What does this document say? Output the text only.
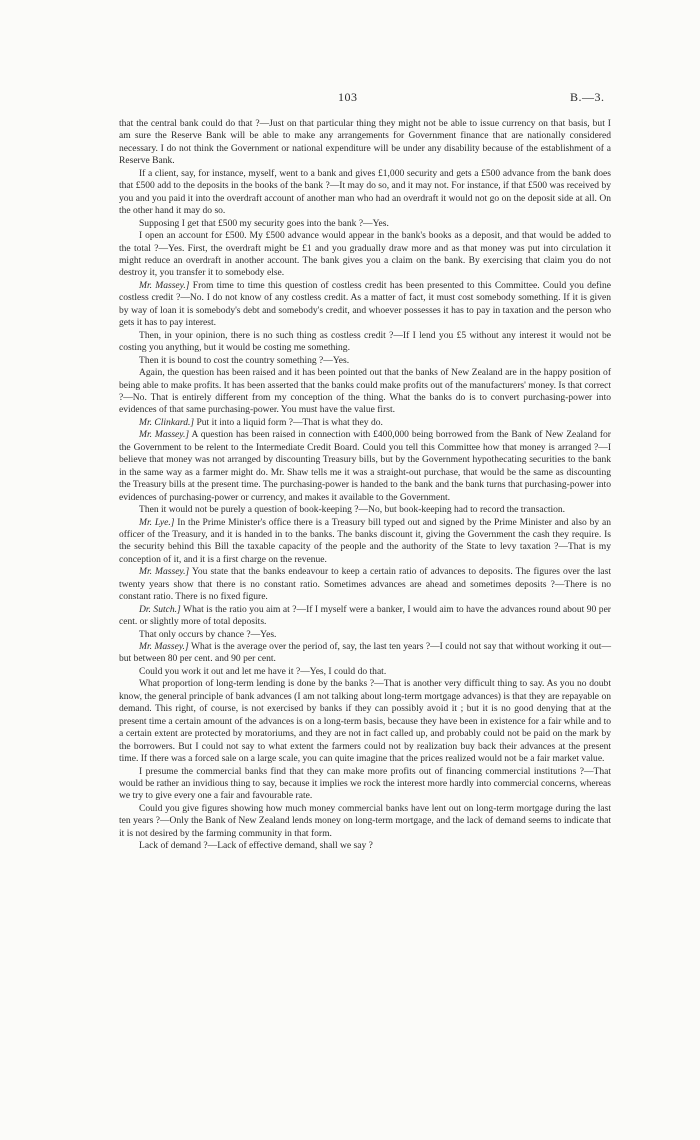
103	B.—3.

that the central bank could do that ?—Just on that particular thing they might not be able to issue currency on that basis, but I am sure the Reserve Bank will be able to make any arrangements for Government finance that are nationally considered necessary. I do not think the Government or national expenditure will be under any disability because of the establishment of a Reserve Bank.

If a client, say, for instance, myself, went to a bank and gives £1,000 security and gets a £500 advance from the bank does that £500 add to the deposits in the books of the bank ?—It may do so, and it may not. For instance, if that £500 was received by you and you paid it into the overdraft account of another man who had an overdraft it would not go on the deposit side at all. On the other hand it may do so.

Supposing I get that £500 my security goes into the bank ?—Yes.

I open an account for £500. My £500 advance would appear in the bank's books as a deposit, and that would be added to the total ?—Yes. First, the overdraft might be £1 and you gradually draw more and as that money was put into circulation it might reduce an overdraft in another account. The bank gives you a claim on the bank. By exercising that claim you do not destroy it, you transfer it to somebody else.

Mr. Massey.] From time to time this question of costless credit has been presented to this Committee. Could you define costless credit ?—No. I do not know of any costless credit. As a matter of fact, it must cost somebody something. If it is given by way of loan it is somebody's debt and somebody's credit, and whoever possesses it has to pay in taxation and the person who gets it has to pay interest.

Then, in your opinion, there is no such thing as costless credit ?—If I lend you £5 without any interest it would not be costing you anything, but it would be costing me something.

Then it is bound to cost the country something ?—Yes.

Again, the question has been raised and it has been pointed out that the banks of New Zealand are in the happy position of being able to make profits. It has been asserted that the banks could make profits out of the manufacturers' money. Is that correct ?—No. That is entirely different from my conception of the thing. What the banks do is to convert purchasing-power into evidences of that same purchasing-power. You must have the value first.

Mr. Clinkard.] Put it into a liquid form ?—That is what they do.

Mr. Massey.] A question has been raised in connection with £400,000 being borrowed from the Bank of New Zealand for the Government to be relent to the Intermediate Credit Board. Could you tell this Committee how that money is arranged ?—I believe that money was not arranged by discounting Treasury bills, but by the Government hypothecating securities to the bank in the same way as a farmer might do. Mr. Shaw tells me it was a straight-out purchase, that would be the same as discounting the Treasury bills at the present time. The purchasing-power is handed to the bank and the bank turns that purchasing-power into evidences of purchasing-power or currency, and makes it available to the Government.

Then it would not be purely a question of book-keeping ?—No, but book-keeping had to record the transaction.

Mr. Lye.] In the Prime Minister's office there is a Treasury bill typed out and signed by the Prime Minister and also by an officer of the Treasury, and it is handed in to the banks. The banks discount it, giving the Government the cash they require. Is the security behind this Bill the taxable capacity of the people and the authority of the State to levy taxation ?—That is my conception of it, and it is a first charge on the revenue.

Mr. Massey.] You state that the banks endeavour to keep a certain ratio of advances to deposits. The figures over the last twenty years show that there is no constant ratio. Sometimes advances are ahead and sometimes deposits ?—There is no constant ratio. There is no fixed figure.

Dr. Sutch.] What is the ratio you aim at ?—If I myself were a banker, I would aim to have the advances round about 90 per cent. or slightly more of total deposits.

That only occurs by chance ?—Yes.

Mr. Massey.] What is the average over the period of, say, the last ten years ?—I could not say that without working it out—but between 80 per cent. and 90 per cent.

Could you work it out and let me have it ?—Yes, I could do that.

What proportion of long-term lending is done by the banks ?—That is another very difficult thing to say. As you no doubt know, the general principle of bank advances (I am not talking about long-term mortgage advances) is that they are repayable on demand. This right, of course, is not exercised by banks if they can possibly avoid it ; but it is no good denying that at the present time a certain amount of the advances is on a long-term basis, because they have been in existence for a fair while and to a certain extent are protected by moratoriums, and they are not in fact called up, and probably could not be paid on the mark by the borrowers. But I could not say to what extent the farmers could not by realization buy back their advances at the present time. If there was a forced sale on a large scale, you can quite imagine that the prices realized would not be a fair market value.

I presume the commercial banks find that they can make more profits out of financing commercial institutions ?—That would be rather an invidious thing to say, because it implies we rock the interest more hardly into commercial concerns, whereas we try to give every one a fair and favourable rate.

Could you give figures showing how much money commercial banks have lent out on long-term mortgage during the last ten years ?—Only the Bank of New Zealand lends money on long-term mortgage, and the lack of demand seems to indicate that it is not desired by the farming community in that form.

Lack of demand ?—Lack of effective demand, shall we say ?
